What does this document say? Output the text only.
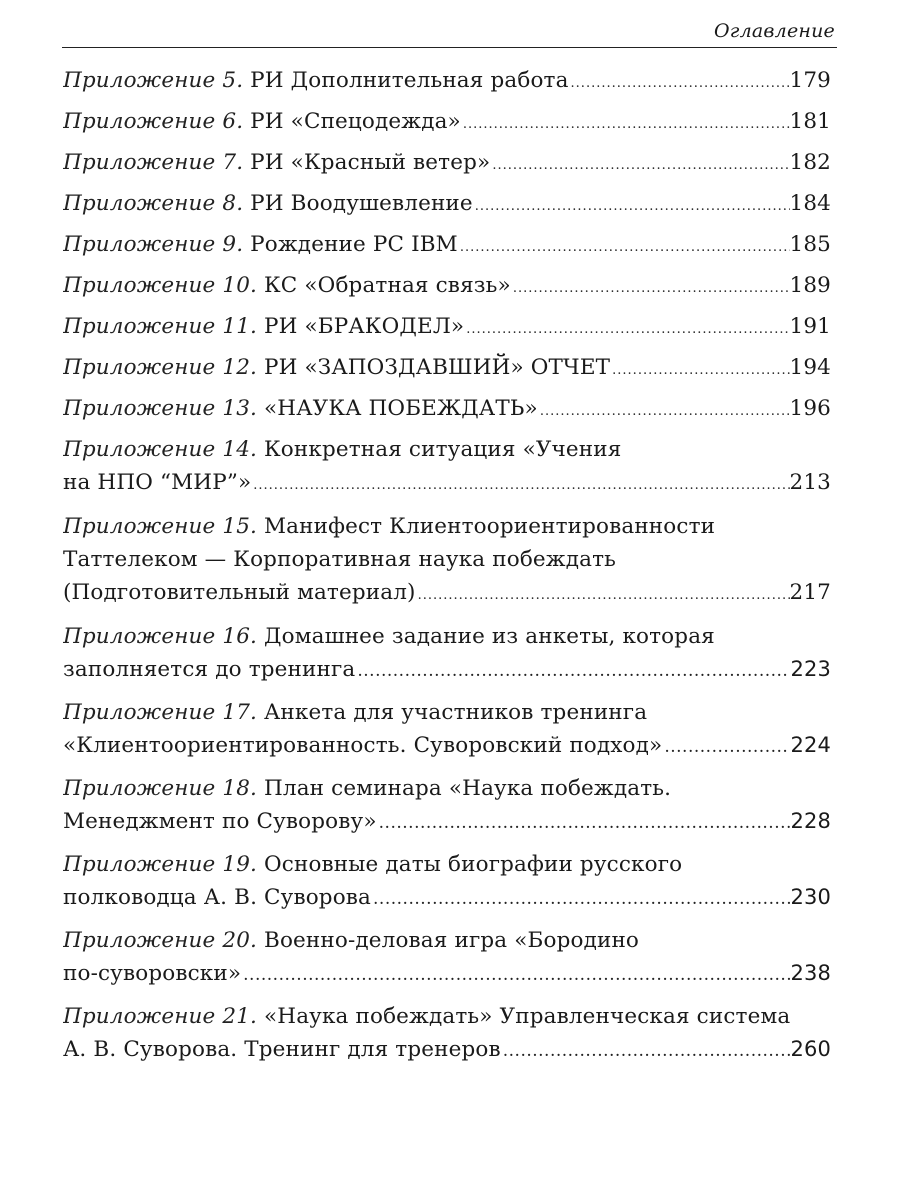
Оглавление
Приложение 5. РИ Дополнительная работа .....	179
Приложение 6. РИ «Спецодежда» .....	181
Приложение 7. РИ «Красный ветер» .....	182
Приложение 8. РИ Воодушевление .....	184
Приложение 9. Рождение PC IBM .....	185
Приложение 10. КС «Обратная связь» .....	189
Приложение 11. РИ «БРАКОДЕЛ» .....	191
Приложение 12. РИ «ЗАПОЗДАВШИЙ» ОТЧЕТ .....	194
Приложение 13. «НАУКА ПОБЕЖДАТЬ» .....	196
Приложение 14. Конкретная ситуация «Учения
на НПО “МИР”» .....	213
Приложение 15. Манифест Клиентоориентированности
Таттелеком — Корпоративная наука побеждать
(Подготовительный материал) .....	217
Приложение 16. Домашнее задание из анкеты, которая
заполняется до тренинга .....	223
Приложение 17. Анкета для участников тренинга
«Клиентоориентированность. Суворовский подход» .....	224
Приложение 18. План семинара «Наука побеждать.
Менеджмент по Суворову» .....	228
Приложение 19. Основные даты биографии русского
полководца А. В. Суворова .....	230
Приложение 20. Военно-деловая игра «Бородино
по-суворовски» .....	238
Приложение 21. «Наука побеждать» Управленческая система
А. В. Суворова. Тренинг для тренеров .....	260
